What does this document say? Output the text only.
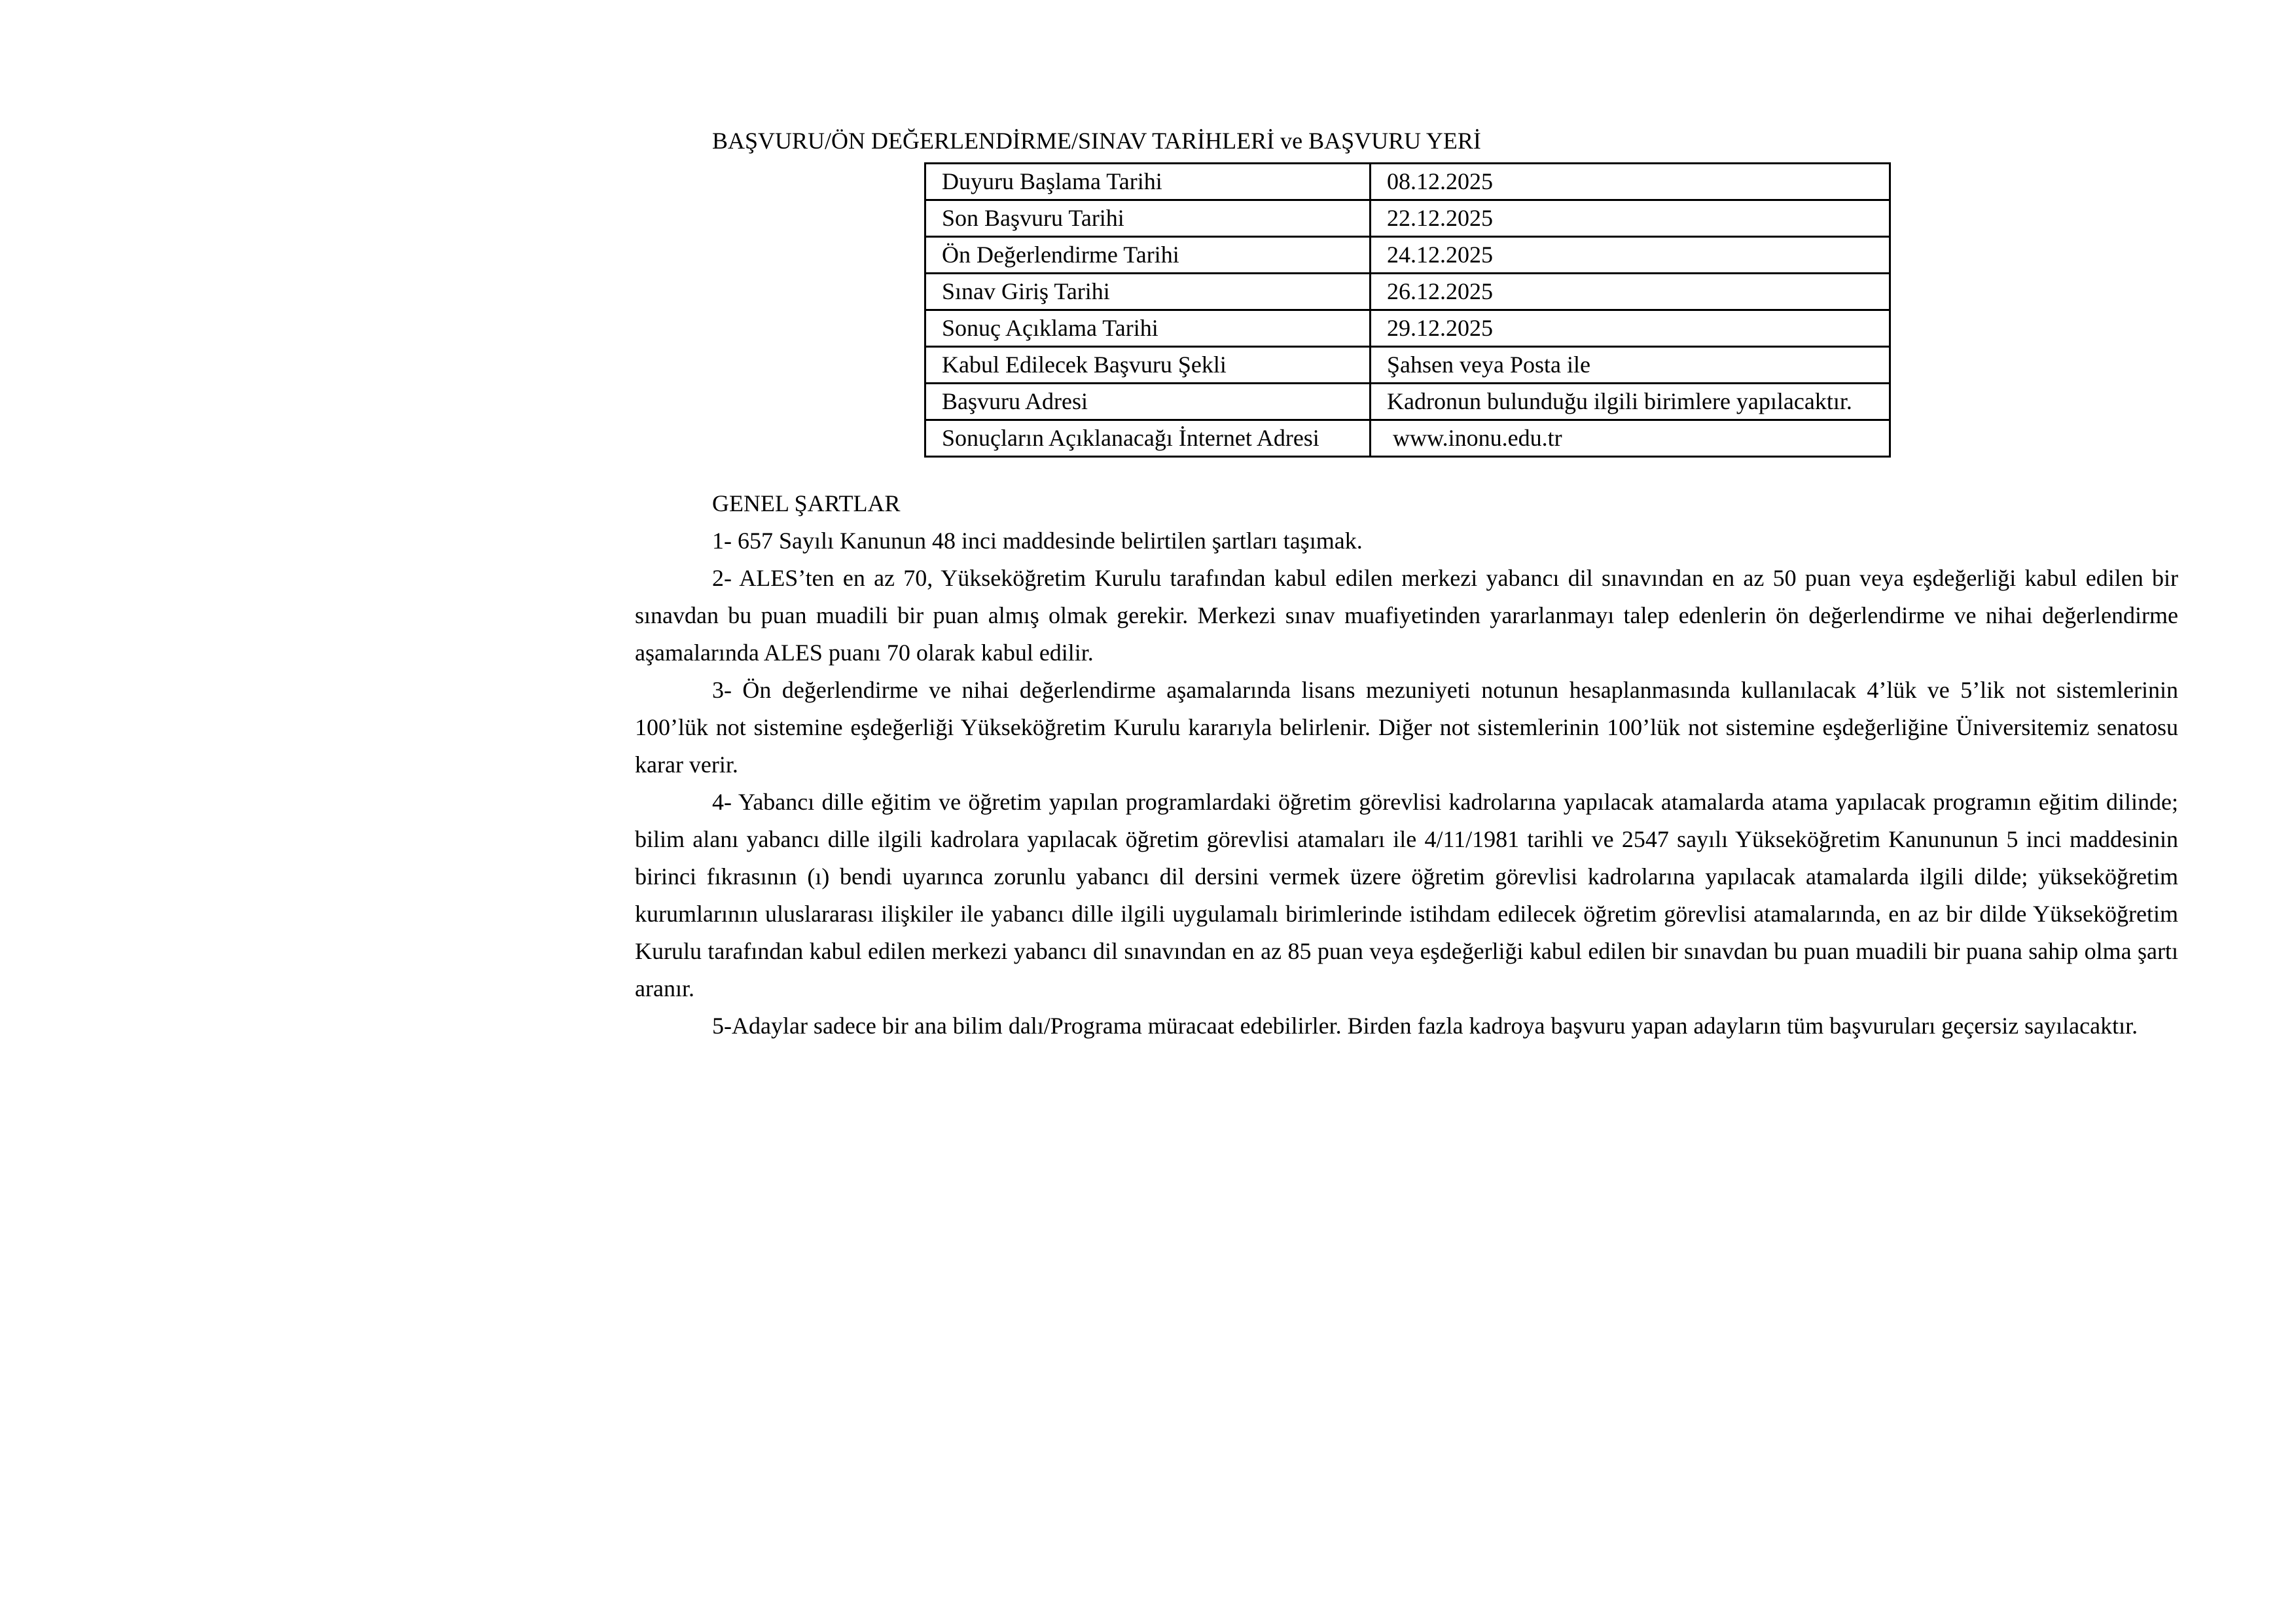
BAŞVURU/ÖN DEĞERLENDİRME/SINAV TARİHLERİ ve BAŞVURU YERİ
Duyuru Başlama Tarihi	08.12.2025
Son Başvuru Tarihi	22.12.2025
Ön Değerlendirme Tarihi	24.12.2025
Sınav Giriş Tarihi	26.12.2025
Sonuç Açıklama Tarihi	29.12.2025
Kabul Edilecek Başvuru Şekli	Şahsen veya Posta ile
Başvuru Adresi	Kadronun bulunduğu ilgili birimlere yapılacaktır.
Sonuçların Açıklanacağı İnternet Adresi	www.inonu.edu.tr

GENEL ŞARTLAR

1- 657 Sayılı Kanunun 48 inci maddesinde belirtilen şartları taşımak.

2- ALES’ten en az 70, Yükseköğretim Kurulu tarafından kabul edilen merkezi yabancı dil sınavından en az 50 puan veya eşdeğerliği kabul edilen bir sınavdan bu puan muadili bir puan almış olmak gerekir. Merkezi sınav muafiyetinden yararlanmayı talep edenlerin ön değerlendirme ve nihai değerlendirme aşamalarında ALES puanı 70 olarak kabul edilir.

3- Ön değerlendirme ve nihai değerlendirme aşamalarında lisans mezuniyeti notunun hesaplanmasında kullanılacak 4’lük ve 5’lik not sistemlerinin 100’lük not sistemine eşdeğerliği Yükseköğretim Kurulu kararıyla belirlenir. Diğer not sistemlerinin 100’lük not sistemine eşdeğerliğine Üniversitemiz senatosu karar verir.

4- Yabancı dille eğitim ve öğretim yapılan programlardaki öğretim görevlisi kadrolarına yapılacak atamalarda atama yapılacak programın eğitim dilinde; bilim alanı yabancı dille ilgili kadrolara yapılacak öğretim görevlisi atamaları ile 4/11/1981 tarihli ve 2547 sayılı Yükseköğretim Kanununun 5 inci maddesinin birinci fıkrasının (ı) bendi uyarınca zorunlu yabancı dil dersini vermek üzere öğretim görevlisi kadrolarına yapılacak atamalarda ilgili dilde; yükseköğretim kurumlarının uluslararası ilişkiler ile yabancı dille ilgili uygulamalı birimlerinde istihdam edilecek öğretim görevlisi atamalarında, en az bir dilde Yükseköğretim Kurulu tarafından kabul edilen merkezi yabancı dil sınavından en az 85 puan veya eşdeğerliği kabul edilen bir sınavdan bu puan muadili bir puana sahip olma şartı aranır.

5-Adaylar sadece bir ana bilim dalı/Programa müracaat edebilirler. Birden fazla kadroya başvuru yapan adayların tüm başvuruları geçersiz sayılacaktır.
